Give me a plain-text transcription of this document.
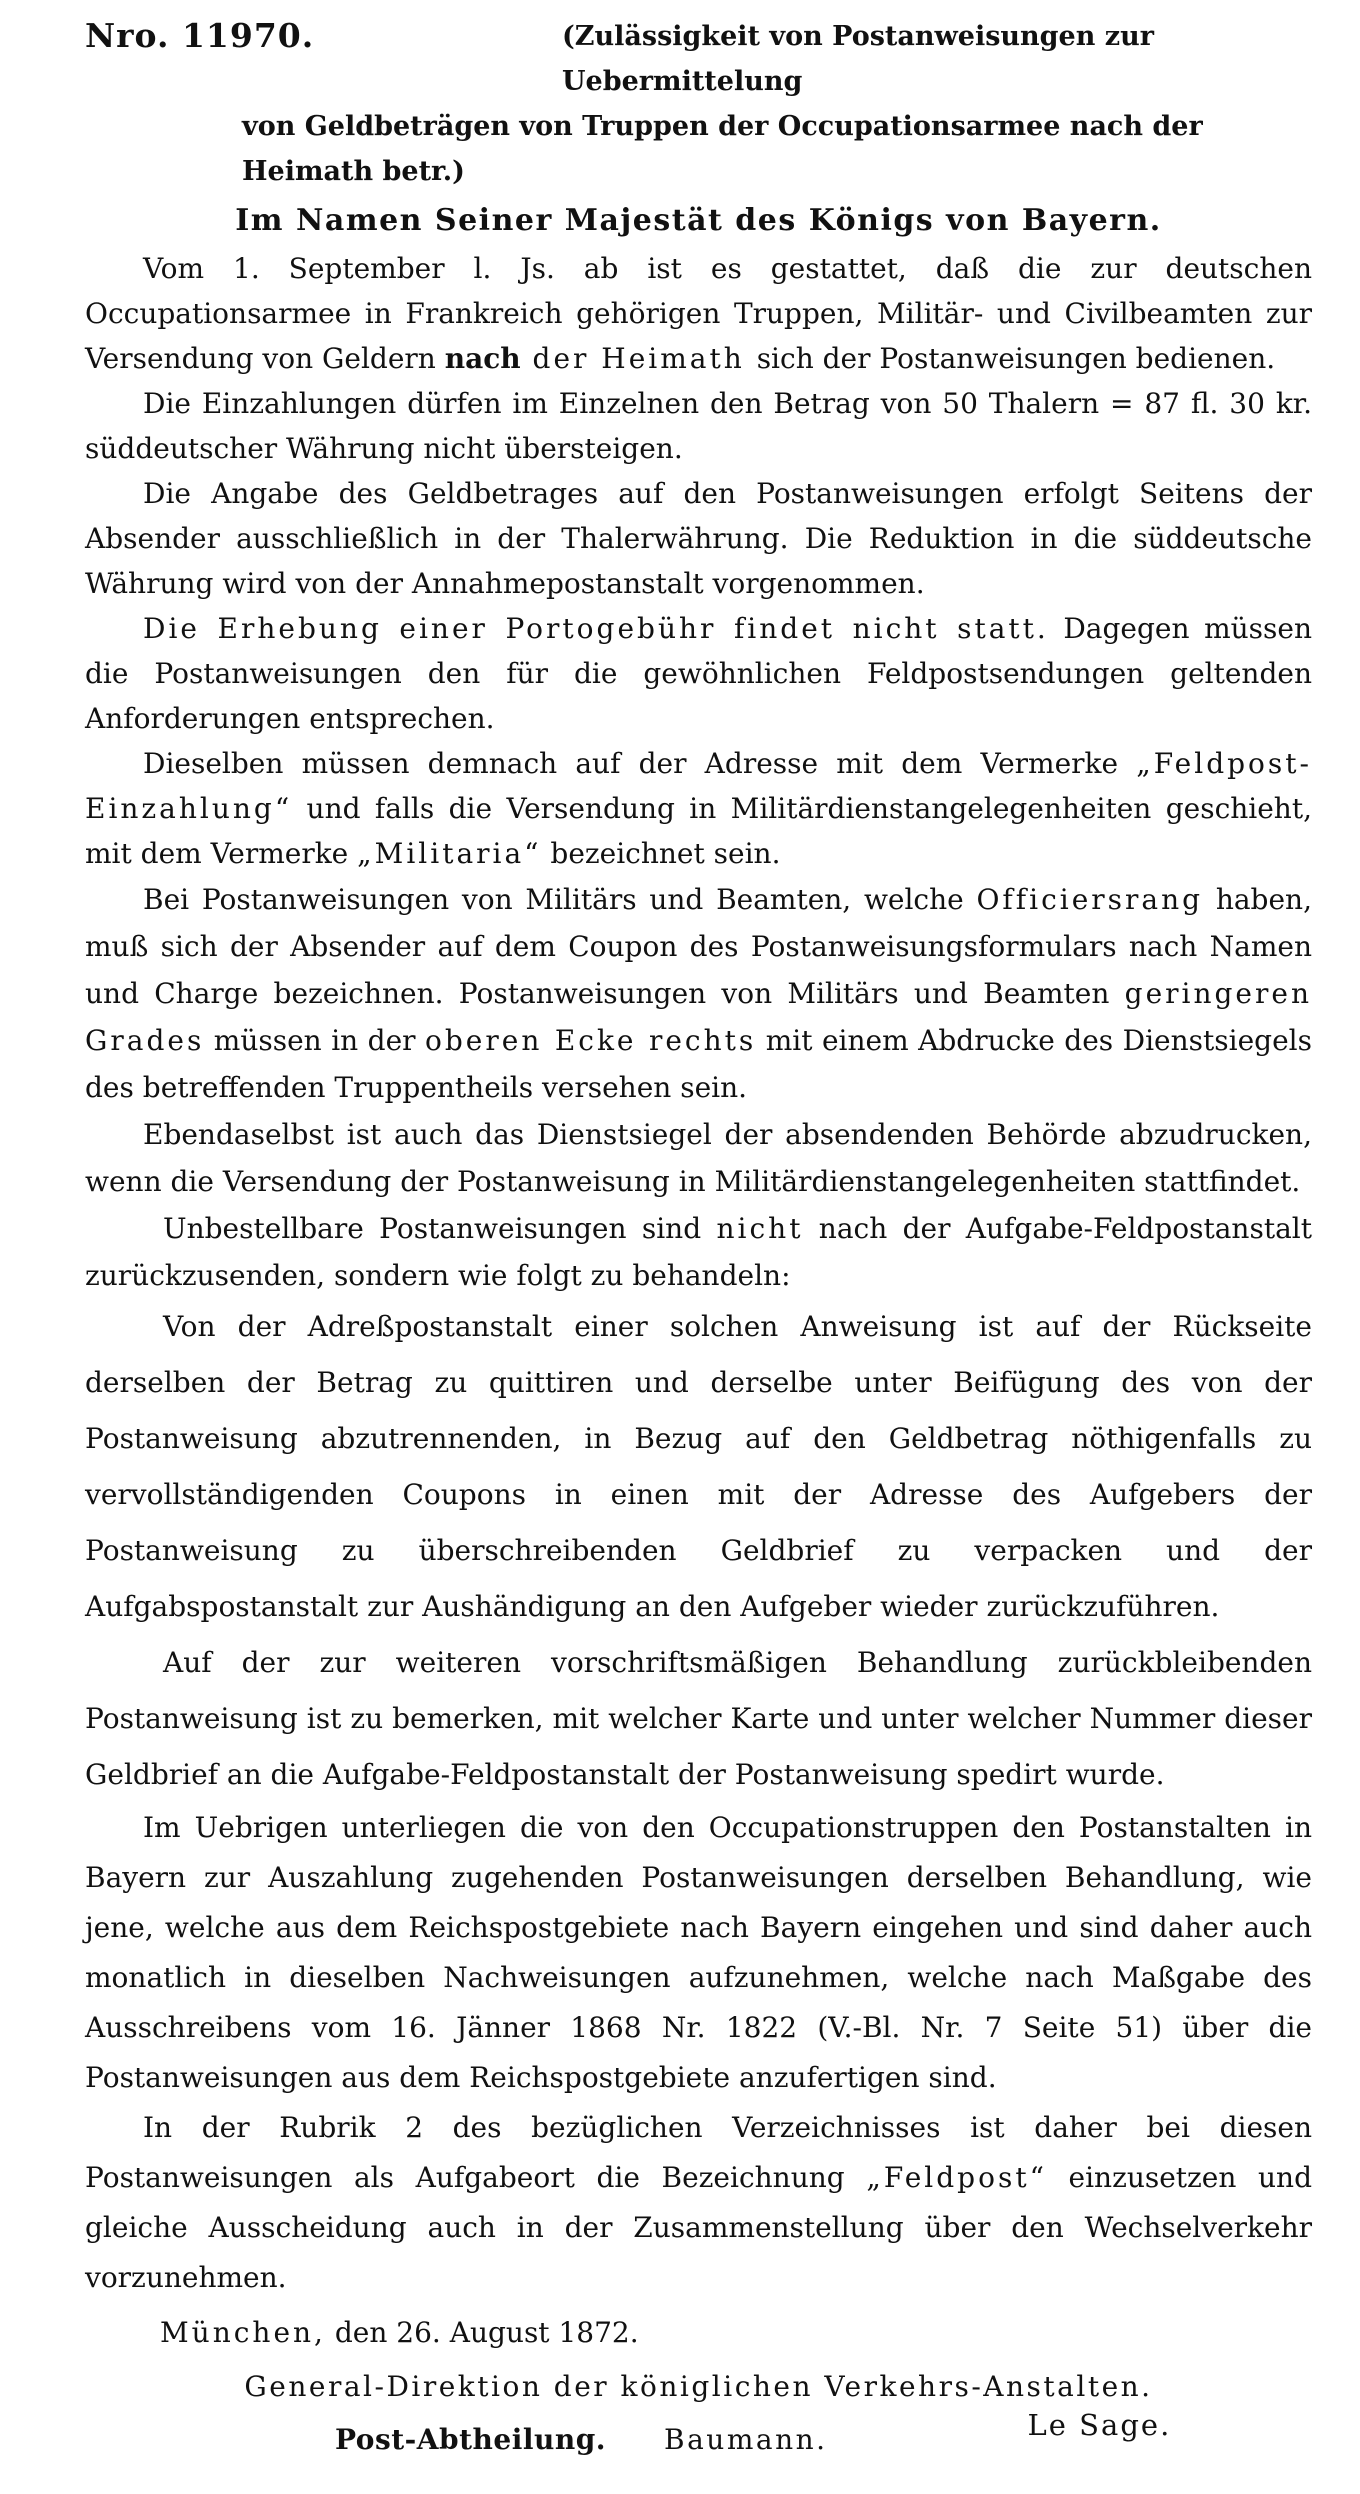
Nro. 11970.	(Zulässigkeit von Postanweisungen zur Uebermittelung
von Geldbeträgen von Truppen der Occupationsarmee nach der Heimath betr.)
Im Namen Seiner Majestät des Königs von Bayern.

Vom 1. September l. Js. ab ist es gestattet, daß die zur deutschen Occupationsarmee in Frankreich gehörigen Truppen, Militär- und Civilbeamten zur Versendung von Geldern nach der Heimath sich der Postanweisungen bedienen.

Die Einzahlungen dürfen im Einzelnen den Betrag von 50 Thalern = 87 fl. 30 kr. süddeutscher Währung nicht übersteigen.

Die Angabe des Geldbetrages auf den Postanweisungen erfolgt Seitens der Absender ausschließlich in der Thalerwährung. Die Reduktion in die süddeutsche Währung wird von der Annahmepostanstalt vorgenommen.

Die Erhebung einer Portogebühr findet nicht statt. Dagegen müssen die Postanweisungen den für die gewöhnlichen Feldpostsendungen geltenden Anforderungen entsprechen.

Dieselben müssen demnach auf der Adresse mit dem Vermerke „Feldpost-Einzahlung“ und falls die Versendung in Militärdienstangelegenheiten geschieht, mit dem Vermerke „Militaria“ bezeichnet sein.

Bei Postanweisungen von Militärs und Beamten, welche Officiersrang haben, muß sich der Absender auf dem Coupon des Postanweisungsformulars nach Namen und Charge bezeichnen. Postanweisungen von Militärs und Beamten geringeren Grades müssen in der oberen Ecke rechts mit einem Abdrucke des Dienstsiegels des betreffenden Truppentheils versehen sein.

Ebendaselbst ist auch das Dienstsiegel der absendenden Behörde abzudrucken, wenn die Versendung der Postanweisung in Militärdienstangelegenheiten stattfindet.

Unbestellbare Postanweisungen sind nicht nach der Aufgabe-Feldpostanstalt zurückzusenden, sondern wie folgt zu behandeln:

Von der Adreßpostanstalt einer solchen Anweisung ist auf der Rückseite derselben der Betrag zu quittiren und derselbe unter Beifügung des von der Postanweisung abzutrennenden, in Bezug auf den Geldbetrag nöthigenfalls zu vervollständigenden Coupons in einen mit der Adresse des Aufgebers der Postanweisung zu überschreibenden Geldbrief zu verpacken und der Aufgabspostanstalt zur Aushändigung an den Aufgeber wieder zurückzuführen.

Auf der zur weiteren vorschriftsmäßigen Behandlung zurückbleibenden Postanweisung ist zu bemerken, mit welcher Karte und unter welcher Nummer dieser Geldbrief an die Aufgabe-Feldpostanstalt der Postanweisung spedirt wurde.

Im Uebrigen unterliegen die von den Occupationstruppen den Postanstalten in Bayern zur Auszahlung zugehenden Postanweisungen derselben Behandlung, wie jene, welche aus dem Reichspostgebiete nach Bayern eingehen und sind daher auch monatlich in dieselben Nachweisungen aufzunehmen, welche nach Maßgabe des Ausschreibens vom 16. Jänner 1868 Nr. 1822 (V.-Bl. Nr. 7 Seite 51) über die Postanweisungen aus dem Reichspostgebiete anzufertigen sind.

In der Rubrik 2 des bezüglichen Verzeichnisses ist daher bei diesen Postanweisungen als Aufgabeort die Bezeichnung „Feldpost“ einzusetzen und gleiche Ausscheidung auch in der Zusammenstellung über den Wechselverkehr vorzunehmen.

München, den 26. August 1872.

General-Direktion der königlichen Verkehrs-Anstalten.

Post-Abtheilung. Baumann.	Le Sage.
